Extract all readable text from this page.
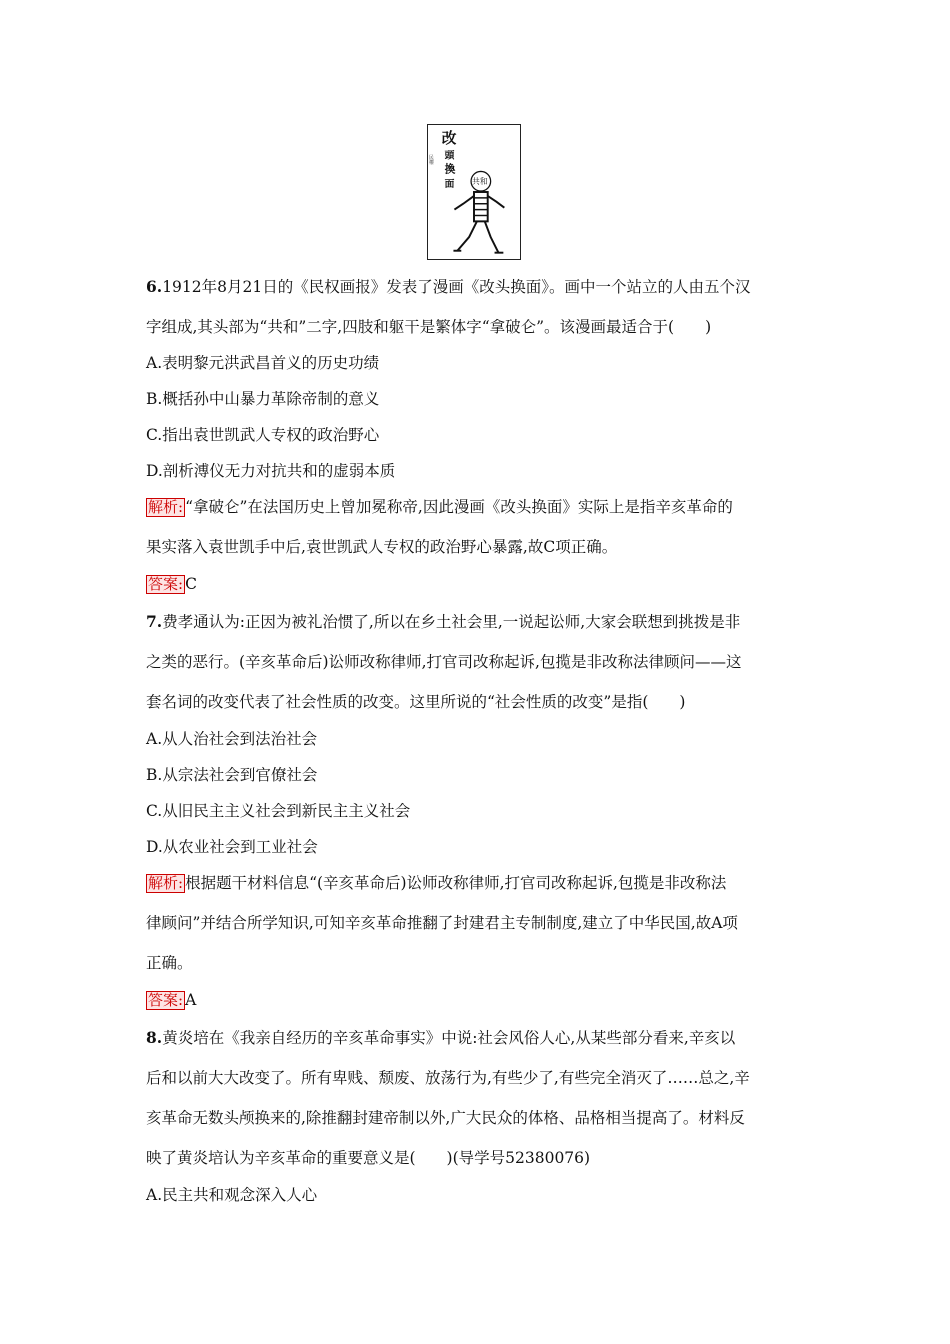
改
頭
換
面
民權
共和
6.1912年8月21日的《民权画报》发表了漫画《改头换面》。画中一个站立的人由五个汉
字组成,其头部为“共和”二字,四肢和躯干是繁体字“拿破仑”。该漫画最适合于(　　)
A.表明黎元洪武昌首义的历史功绩
B.概括孙中山暴力革除帝制的意义
C.指出袁世凯武人专权的政治野心
D.剖析溥仪无力对抗共和的虚弱本质
解析: “拿破仑”在法国历史上曾加冕称帝,因此漫画《改头换面》实际上是指辛亥革命的
果实落入袁世凯手中后,袁世凯武人专权的政治野心暴露,故C项正确。
答案: C
7.费孝通认为:正因为被礼治惯了,所以在乡土社会里,一说起讼师,大家会联想到挑拨是非
之类的恶行。(辛亥革命后)讼师改称律师,打官司改称起诉,包揽是非改称法律顾问——这
套名词的改变代表了社会性质的改变。这里所说的“社会性质的改变”是指(　　)
A.从人治社会到法治社会
B.从宗法社会到官僚社会
C.从旧民主主义社会到新民主主义社会
D.从农业社会到工业社会
解析: 根据题干材料信息“(辛亥革命后)讼师改称律师,打官司改称起诉,包揽是非改称法
律顾问”并结合所学知识,可知辛亥革命推翻了封建君主专制制度,建立了中华民国,故A项
正确。
答案: A
8.黄炎培在《我亲自经历的辛亥革命事实》中说:社会风俗人心,从某些部分看来,辛亥以
后和以前大大改变了。所有卑贱、颓废、放荡行为,有些少了,有些完全消灭了……总之,辛
亥革命无数头颅换来的,除推翻封建帝制以外,广大民众的体格、品格相当提高了。材料反
映了黄炎培认为辛亥革命的重要意义是(　　)(导学号52380076)
A.民主共和观念深入人心
